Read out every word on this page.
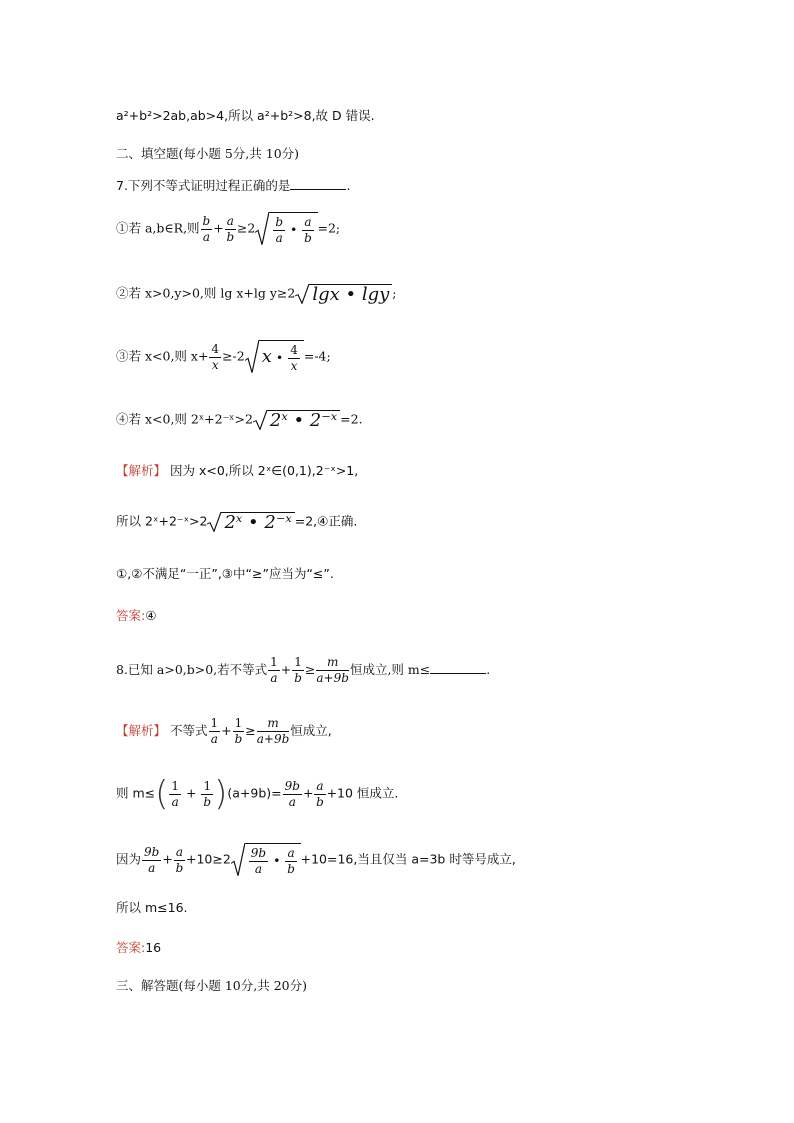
a²+b²>2ab,ab>4,所以 a²+b²>8,故 D 错误.
二、填空题(每小题 5分,共 10分)
7.下列不等式证明过程正确的是	.
①若 a,b∈R,则 $\frac{b}{a} + \frac{a}{b} \ge 2 \frac{b}{a}$ • $\frac{a}{b} =2$;
②若 x>0,y>0,则 lg x+lg y≥2 lgx • lgy ;
③若 x<0,则 $x+ \frac{4}{x} \ge-2$ x • $\frac{4}{x} =-4$;
④若 x<0,则 2ˣ+2⁻ˣ>2 2ˣ • 2⁻ˣ =2.
【解析】 因为 x<0,所以 2ˣ∈(0,1),2⁻ˣ>1,
所以 2ˣ+2⁻ˣ>2 2ˣ • 2⁻ˣ =2,④正确.
①,②不满足“一正”,③中“≥”应当为“≤”.
答案:④
8.已知 a>0,b>0,若不等式 $\frac{1}{a} + \frac{1}{b} \ge \frac{m}{a+9b}$ 恒成立,则 m≤	.
【解析】 不等式 $\frac{1}{a} + \frac{1}{b} \ge \frac{m}{a+9b}$ 恒成立,
则 $m\le( \frac{1}{a} + \frac{1}{b} )(a+9b)= \frac{9b}{a} + \frac{a}{b} +10$ 恒成立.
因为 $\frac{9b}{a} + \frac{a}{b} +10\ge 2 \frac{9b}{a}$ • $\frac{a}{b} +10=16$,当且仅当 a=3b 时等号成立,
所以 m≤16.
答案:16
三、解答题(每小题 10分,共 20分)
